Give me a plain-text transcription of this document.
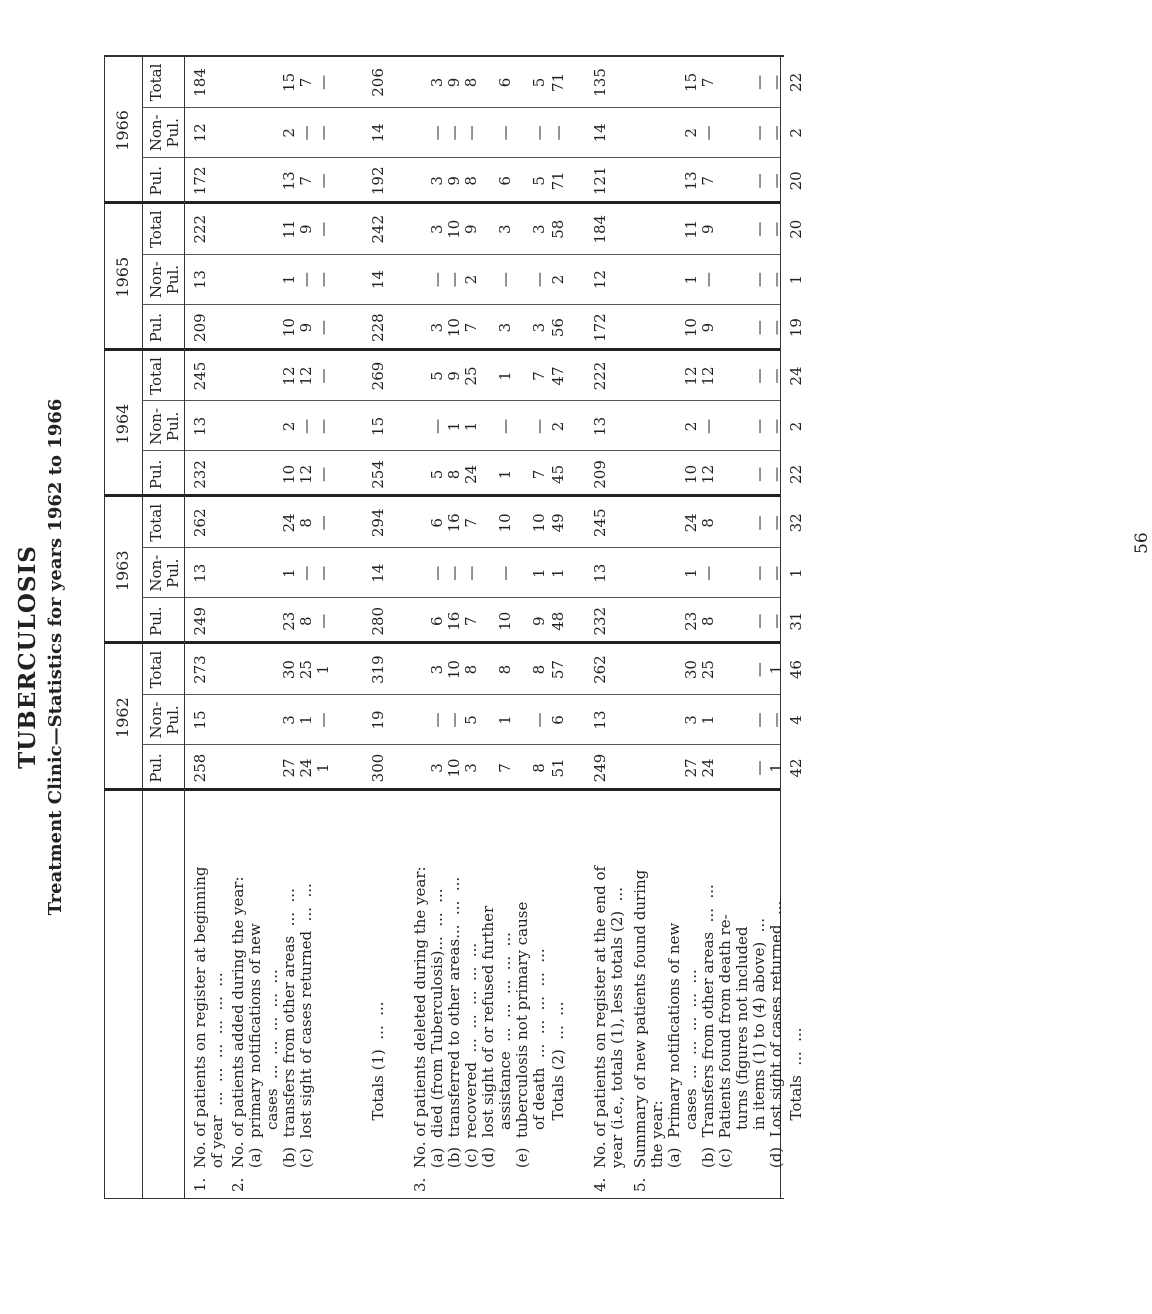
TUBERCULOSIS Treatment Clinic—Statistics for years 1962 to 1966	1962
Pul.
Non-
Pul.
Total
1963
Pul.
Non-
Pul.
Total
1964
Pul.
Non-
Pul.
Total
1965
Pul.
Non-
Pul.
Total
1966
Pul.
Non-
Pul.
Total
1.  No. of patients on register at beginning
of year  ...  ...  ...  ...  ...  ...
258
15
273
249
13
262
232
13
245
209
13
222
172
12
184
2.  No. of patients added during the year:
(a)  primary notifications of new
cases  ...  ...  ...  ...  ...
(b)  transfers from other areas  ...  ...
(c)  lost sight of cases returned  ...  ...

27
24
1

3
1
—

30
25
1

23
8
—

1
—
—

24
8
—

10
12
—

2
—
—

12
12
—

10
9
—

1
—
—

11
9
—

13
7
—

2
—
—

15
7
—
Totals (1)  ...  ...
300
19
319
280
14
294
254
15
269
228
14
242
192
14
206
3.  No. of patients deleted during the year:
(a)  died (from Tuberculosis)...  ...  ...
(b)  transferred to other areas...  ...  ...
(c)  recovered  ...  ...  ...  ...  ...
(d)  lost sight of or refused further
assistance  ...  ...  ...  ...  ...
(e)  tuberculosis not primary cause
of death  ...  ...  ...  ...  ...

3
10
3

7

8

—
—
5

1

—

3
10
8

8

8

6
16
7

10

9

—
—
—

—

1

6
16
7

10

10

5
8
24

1

7

—
1
1

—

—

5
9
25

1

7

3
10
7

3

3

—
—
2

—

—

3
10
9

3

3

3
9
8

6

5

—
—
—

—

—

3
9
8

6

5
Totals (2)  ...  ...
51
6
57
48
1
49
45
2
47
56
2
58
71
—
71
4.  No. of patients on register at the end of
year (i.e., totals (1), less totals (2)  ...
249
13
262
232
13
245
209
13
222
172
12
184
121
14
135
5.  Summary of new patients found during
the year:
(a)  Primary notifications of new
cases  ...  ...  ...  ...  ...
(b)  Transfers from other areas  ...  ...
(c)  Patients found from death re-
turns (figures not included
in items (1) to (4) above)  ...
(d)  Lost sight of cases returned  ...

27
24

—
1

3
1

—
—

30
25

—
1

23
8

—
—

1
—

—
—

24
8

—
—

10
12

—
—

2
—

—
—

12
12

—
—

10
9

—
—

1
—

—
—

11
9

—
—

13
7

—
—

2
—

—
—

15
7

—
—
Totals  ...  ...
42
4
46
31
1
32
22
2
24
19
1
20
20
2
22
56
